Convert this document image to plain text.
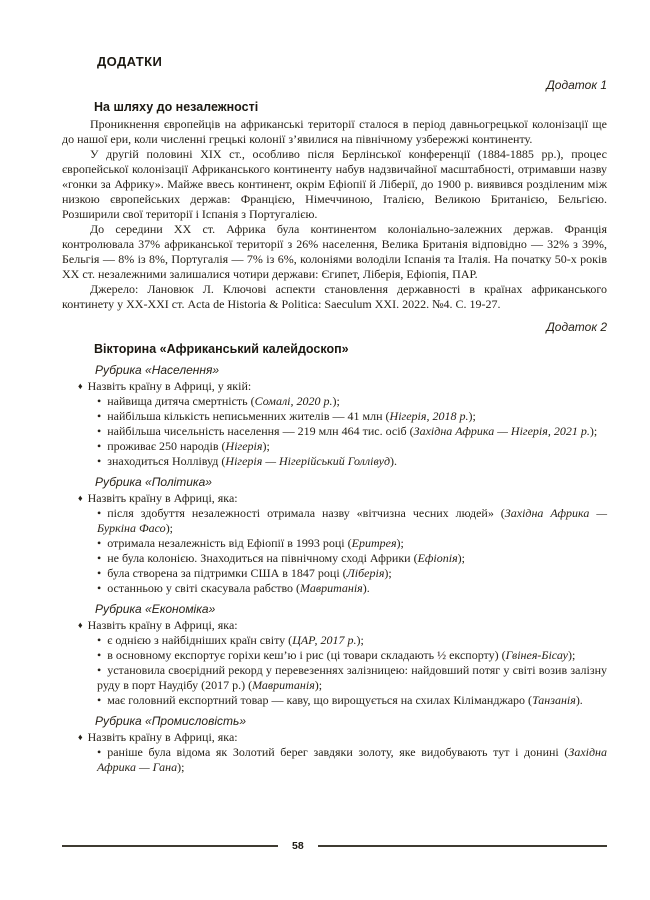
ДОДАТКИ
Додаток 1
На шляху до незалежності

Проникнення європейців на африканські території сталося в період давньогрецької колонізації ще до нашої ери, коли численні грецькі колонії з’явилися на північному узбережжі континенту.

У другій половині XIX ст., особливо після Берлінської конференції (1884-1885 рр.), процес європейської колонізації Африканського континенту набув надзвичайної масштабності, отримавши назву «гонки за Африку». Майже ввесь континент, окрім Ефіопії й Ліберії, до 1900 р. виявився розділеним між низкою європейських держав: Францією, Німеччиною, Італією, Великою Британією, Бельгією. Розширили свої території і Іспанія з Португалією.

До середини XX ст. Африка була континентом колоніально-залежних держав. Франція контролювала 37% африканської території з 26% населення, Велика Британія відповідно — 32% з 39%, Бельгія — 8% із 8%, Португалія — 7% із 6%, колоніями володіли Іспанія та Італія. На початку 50-х років XX ст. незалежними залишалися чотири держави: Єгипет, Ліберія, Ефіопія, ПАР.

Джерело: Лановюк Л. Ключові аспекти становлення державності в країнах африканського континету у XX-XXI ст. Acta de Historia & Politica: Saeculum XXI. 2022. №4. С. 19-27.

Додаток 2
Вікторина «Африканський калейдоскоп»
Рубрика «Населення»
♦ Назвіть країну в Африці, у якій:
• найвища дитяча смертність (Сомалі, 2020 р.);
• найбільша кількість неписьменних жителів — 41 млн (Нігерія, 2018 р.);
• найбільша чисельність населення — 219 млн 464 тис. осіб (Західна Африка — Нігерія, 2021 р.);
• проживає 250 народів (Нігерія);
• знаходиться Ноллівуд (Нігерія — Нігерійський Голлівуд).
Рубрика «Політика»
♦ Назвіть країну в Африці, яка:
• після здобуття незалежності отримала назву «вітчизна чесних людей» (Західна Африка — Буркіна Фасо);
• отримала незалежність від Ефіопії в 1993 році (Еритрея);
• не була колонією. Знаходиться на північному сході Африки (Ефіопія);
• була створена за підтримки США в 1847 році (Ліберія);
• останньою у світі скасувала рабство (Мавританія).
Рубрика «Економіка»
♦ Назвіть країну в Африці, яка:
• є однією з найбідніших країн світу (ЦАР, 2017 р.);
• в основному експортує горіхи кеш’ю і рис (ці товари складають ½ експорту) (Гвінея-Бісау);
• установила своєрідний рекорд у перевезеннях залізницею: найдовший потяг у світі возив залізну руду в порт Наудібу (2017 р.) (Мавританія);
• має головний експортний товар — каву, що вирощується на схилах Кіліманджаро (Танзанія).
Рубрика «Промисловість»
♦ Назвіть країну в Африці, яка:
• раніше була відома як Золотий берег завдяки золоту, яке видобувають тут і донині (Західна Африка — Гана);
58
